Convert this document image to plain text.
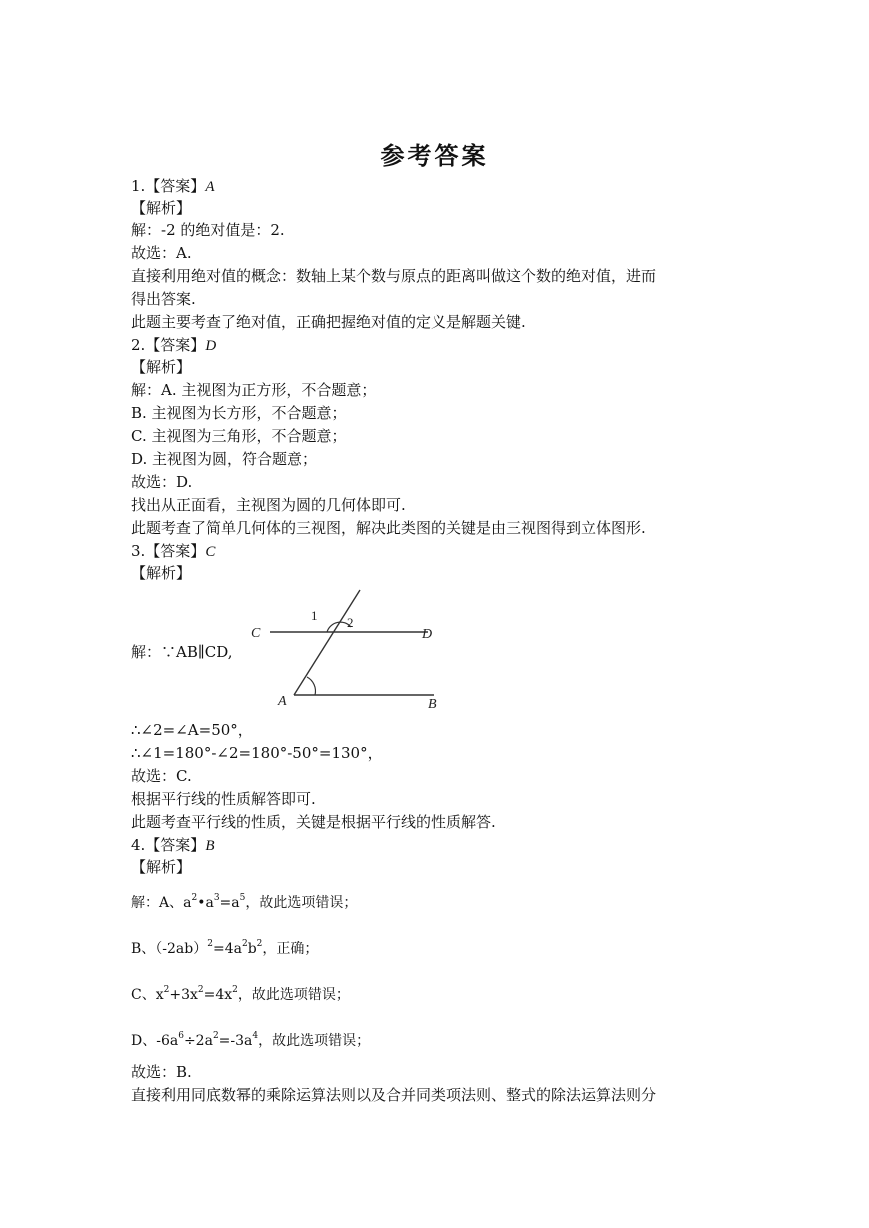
参考答案
1.【答案】A
【解析】
解：-2 的绝对值是：2.
故选：A.
直接利用绝对值的概念：数轴上某个数与原点的距离叫做这个数的绝对值，进而
得出答案.
此题主要考查了绝对值，正确把握绝对值的定义是解题关键.
2.【答案】D
【解析】
解：A. 主视图为正方形，不合题意；
B. 主视图为长方形，不合题意；
C. 主视图为三角形，不合题意；
D. 主视图为圆，符合题意；
故选：D.
找出从正面看，主视图为圆的几何体即可.
此题考查了简单几何体的三视图，解决此类图的关键是由三视图得到立体图形.
3.【答案】C
【解析】
解：∵AB∥CD,
C	D
A	B
1 2
∴∠2=∠A=50°，
∴∠1=180°-∠2=180°-50°=130°，
故选：C.
根据平行线的性质解答即可.
此题考查平行线的性质，关键是根据平行线的性质解答.
4.【答案】B
【解析】
解：A、$a^2•a^3=a^5$，故此选项错误；
B、$(-2ab)^2=4a^2b^2$，正确；
C、$x^2+3x^2=4x^2$，故此选项错误；
D、$-6a^6\div 2a^2=-3a^4$，故此选项错误；
故选：B.
直接利用同底数幂的乘除运算法则以及合并同类项法则、整式的除法运算法则分
